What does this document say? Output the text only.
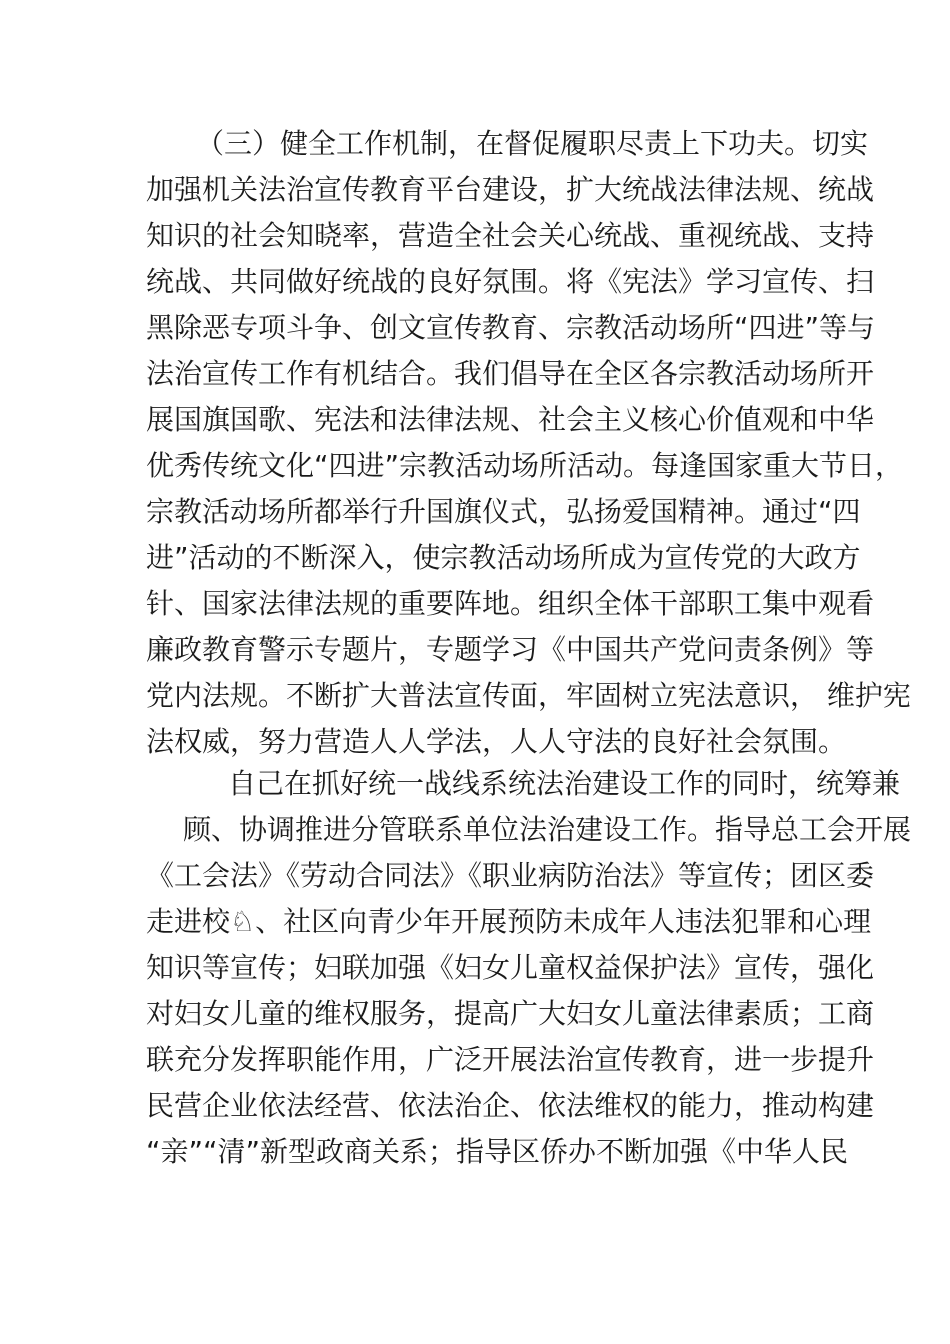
（三）健全工作机制，在督促履职尽责上下功夫。切实
加强机关法治宣传教育平台建设，扩大统战法律法规、统战
知识的社会知晓率，营造全社会关心统战、重视统战、支持
统战、共同做好统战的良好氛围。将《宪法》学习宣传、扫
黑除恶专项斗争、创文宣传教育、宗教活动场所“四进”等与
法治宣传工作有机结合。我们倡导在全区各宗教活动场所开
展国旗国歌、宪法和法律法规、社会主义核心价值观和中华
优秀传统文化“四进”宗教活动场所活动。每逢国家重大节日，
宗教活动场所都举行升国旗仪式，弘扬爱国精神。通过“四
进”活动的不断深入，使宗教活动场所成为宣传党的大政方
针、国家法律法规的重要阵地。组织全体干部职工集中观看
廉政教育警示专题片，专题学习《中国共产党问责条例》等
党内法规。不断扩大普法宣传面，牢固树立宪法意识， 维护宪
法权威，努力营造人人学法，人人守法的良好社会氛围。
自己在抓好统一战线系统法治建设工作的同时，统筹兼
顾、协调推进分管联系单位法治建设工作。指导总工会开展
《工会法》《劳动合同法》《职业病防治法》等宣传；团区委
走进校♘、社区向青少年开展预防未成年人违法犯罪和心理
知识等宣传；妇联加强《妇女儿童权益保护法》宣传，强化
对妇女儿童的维权服务，提高广大妇女儿童法律素质；工商
联充分发挥职能作用，广泛开展法治宣传教育，进一步提升
民营企业依法经营、依法治企、依法维权的能力，推动构建
“亲”“清”新型政商关系；指导区侨办不断加强《中华人民
